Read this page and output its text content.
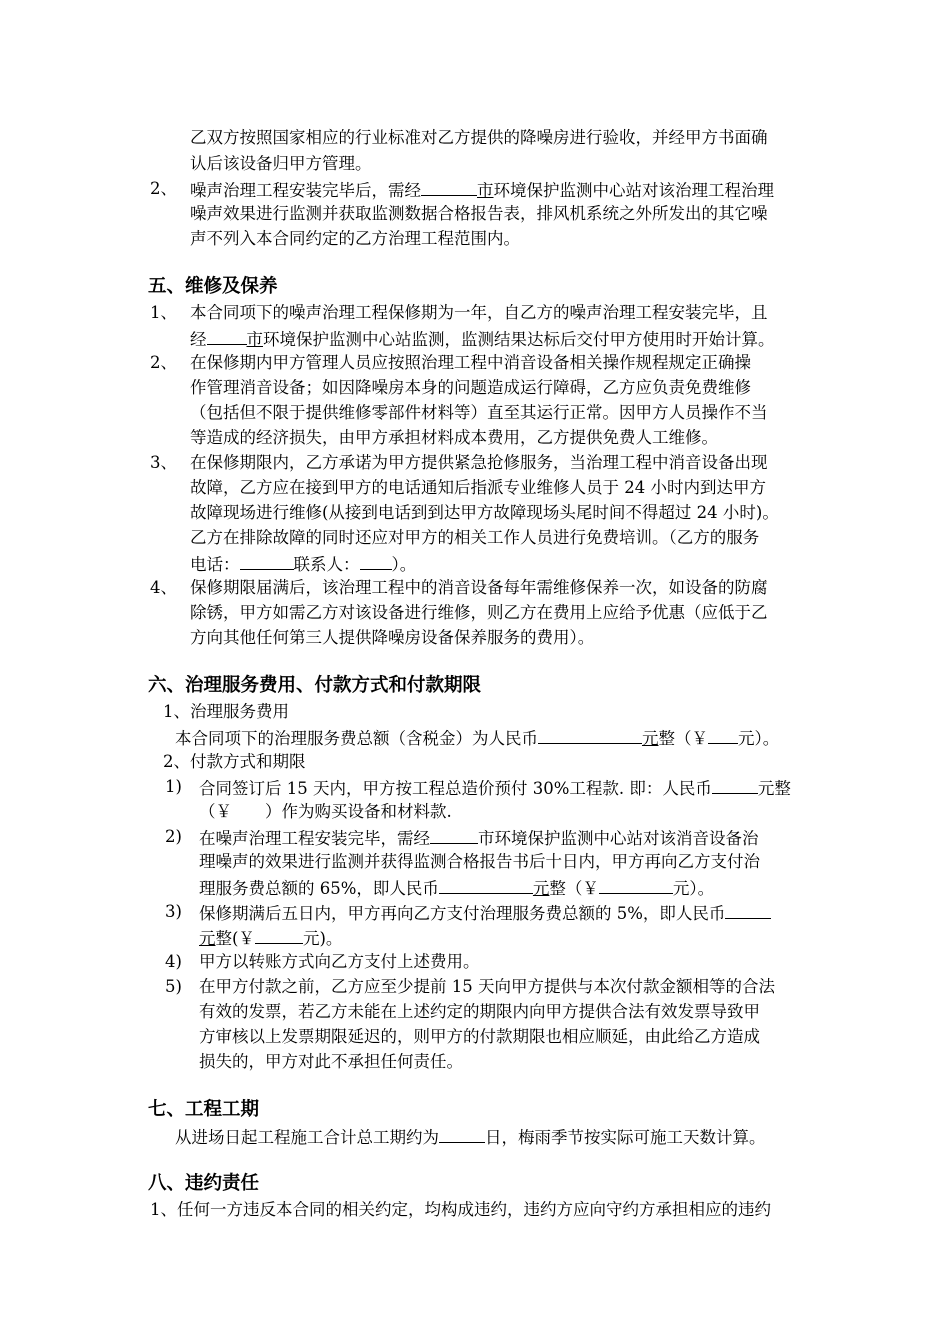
乙双方按照国家相应的行业标准对乙方提供的降噪房进行验收，并经甲方书面确
认后该设备归甲方管理。
2、 噪声治理工程安装完毕后，需经	市环境保护监测中心站对该治理工程治理
噪声效果进行监测并获取监测数据合格报告表，排风机系统之外所发出的其它噪
声不列入本合同约定的乙方治理工程范围内。
五、维修及保养
1、 本合同项下的噪声治理工程保修期为一年，自乙方的噪声治理工程安装完毕，且
经 市环境保护监测中心站监测，监测结果达标后交付甲方使用时开始计算。
2、 在保修期内甲方管理人员应按照治理工程中消音设备相关操作规程规定正确操
作管理消音设备；如因降噪房本身的问题造成运行障碍，乙方应负责免费维修
（包括但不限于提供维修零部件材料等）直至其运行正常。因甲方人员操作不当
等造成的经济损失，由甲方承担材料成本费用，乙方提供免费人工维修。
3、 在保修期限内，乙方承诺为甲方提供紧急抢修服务，当治理工程中消音设备出现
故障，乙方应在接到甲方的电话通知后指派专业维修人员于 24 小时内到达甲方
故障现场进行维修(从接到电话到到达甲方故障现场头尾时间不得超过 24 小时)。
乙方在排除故障的同时还应对甲方的相关工作人员进行免费培训。（乙方的服务
电话：	联系人： ）。
4、 保修期限届满后，该治理工程中的消音设备每年需维修保养一次，如设备的防腐
除锈，甲方如需乙方对该设备进行维修，则乙方在费用上应给予优惠（应低于乙
方向其他任何第三人提供降噪房设备保养服务的费用）。
六、治理服务费用、付款方式和付款期限
1、治理服务费用
本合同项下的治理服务费总额（含税金）为人民币	元整（￥ 元）。
2、付款方式和期限
1) 合同签订后 15 天内，甲方按工程总造价预付 30%工程款. 即：人民币	元整
（￥　　）作为购买设备和材料款.
2) 在噪声治理工程安装完毕，需经	市环境保护监测中心站对该消音设备治
理噪声的效果进行监测并获得监测合格报告书后十日内，甲方再向乙方支付治
理服务费总额的 65%，即人民币	元整（￥	元）。
3) 保修期满后五日内，甲方再向乙方支付治理服务费总额的 5%，即人民币
元整(￥	元)。
4) 甲方以转账方式向乙方支付上述费用。
5) 在甲方付款之前，乙方应至少提前 15 天向甲方提供与本次付款金额相等的合法
有效的发票，若乙方未能在上述约定的期限内向甲方提供合法有效发票导致甲
方审核以上发票期限延迟的，则甲方的付款期限也相应顺延，由此给乙方造成
损失的，甲方对此不承担任何责任。
七、工程工期
从进场日起工程施工合计总工期约为	日，梅雨季节按实际可施工天数计算。
八、违约责任
1、任何一方违反本合同的相关约定，均构成违约，违约方应向守约方承担相应的违约
